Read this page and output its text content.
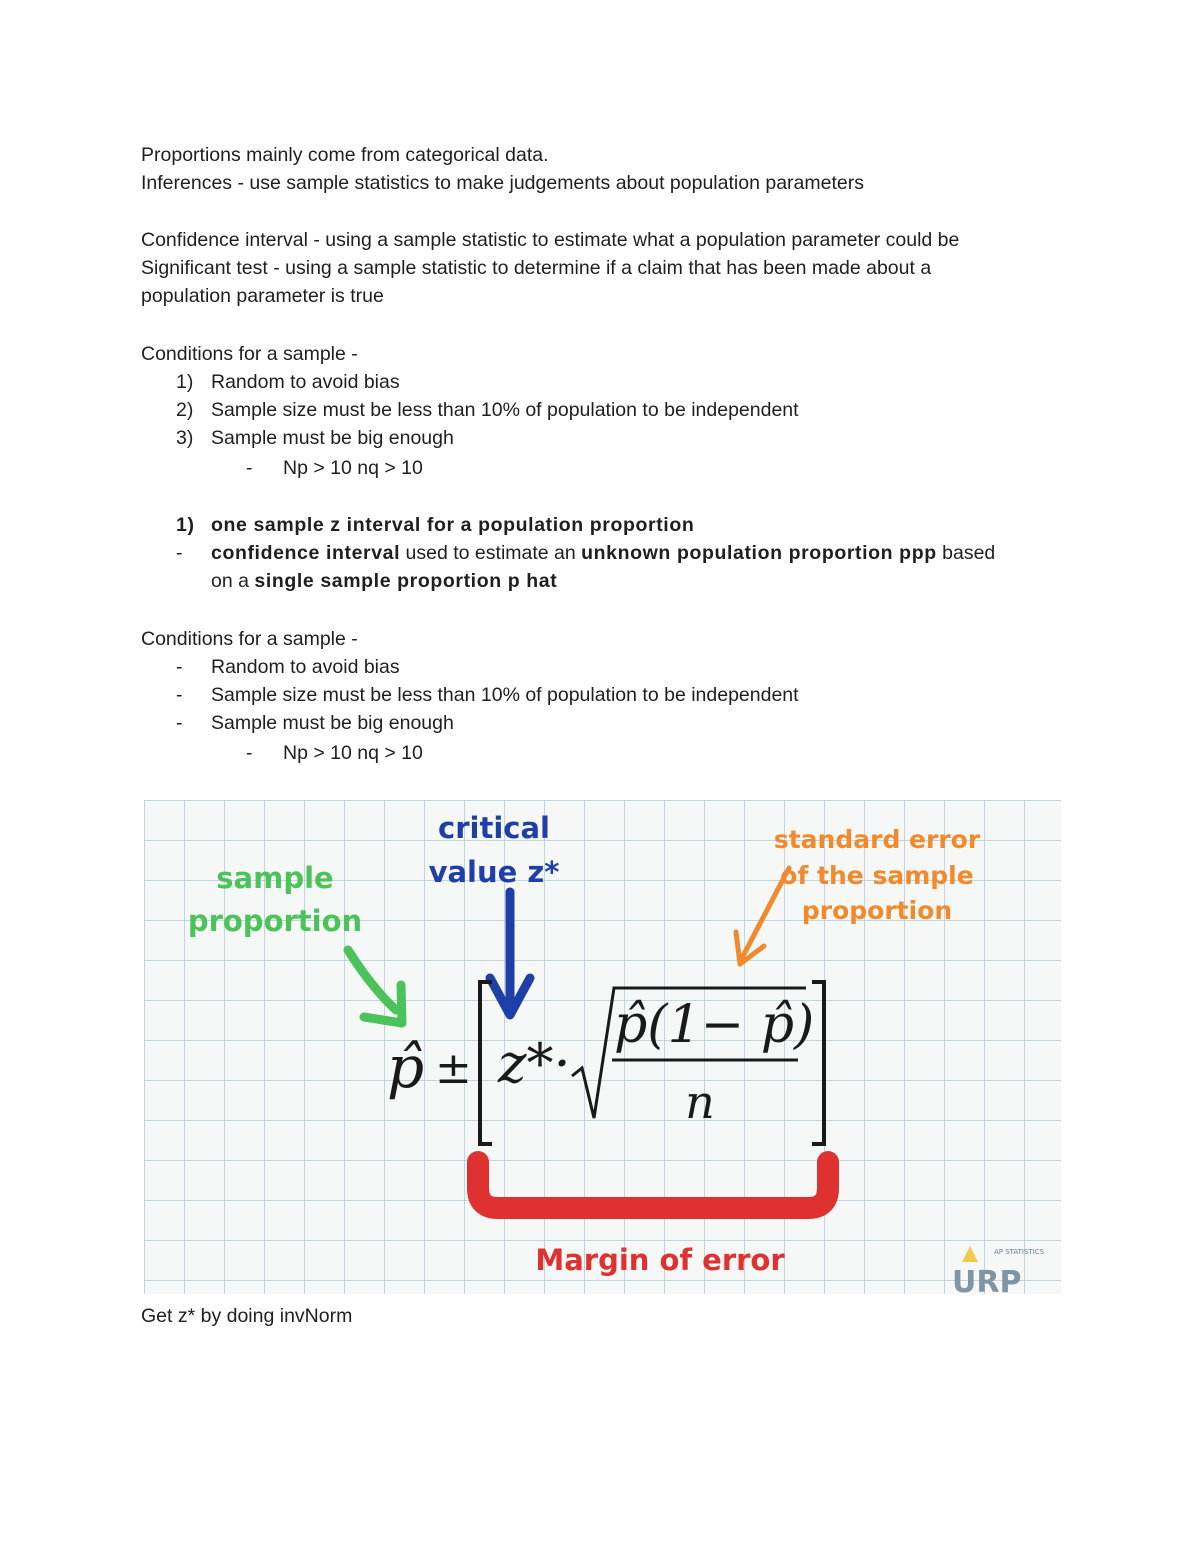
Proportions mainly come from categorical data.
Inferences - use sample statistics to make judgements about population parameters
Confidence interval - using a sample statistic to estimate what a population parameter could be
Significant test - using a sample statistic to determine if a claim that has been made about a
population parameter is true
Conditions for a sample -
1) Random to avoid bias
2) Sample size must be less than 10% of population to be independent
3) Sample must be big enough
- Np > 10 nq > 10
1) one sample z interval for a population proportion
- confidence interval used to estimate an unknown population proportion ppp based
on a single sample proportion p hat
Conditions for a sample -
- Random to avoid bias
- Sample size must be less than 10% of population to be independent
- Sample must be big enough
- Np > 10 nq > 10
sample
proportion
critical
value z*
standard error
of the sample
proportion
p̂ ± z*·
p̂(1− p̂)
n
Margin of error	AP STATISTICS
URP
Get z* by doing invNorm
